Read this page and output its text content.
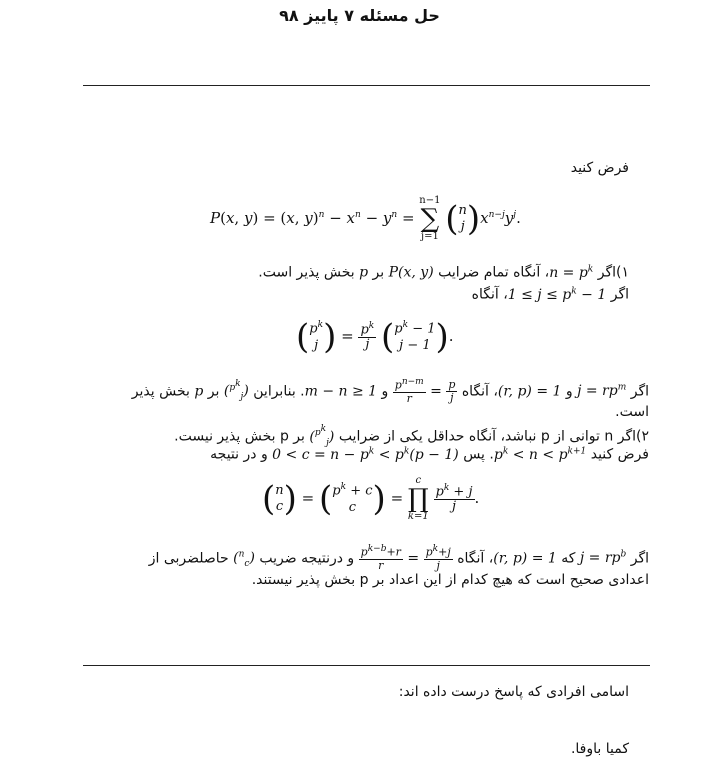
حل مسئله ۷ پاییز ۹۸
فرض کنید
P(x, y) = (x, $y)^n - x^n - y^n = n-1$
∑
j=1 (n
$j)x^{n-j}y^j$.
۱)اگر $n = p^k،$ آنگاه تمام ضرایب P(x, y) بر p بخش پذیر است.
اگر $1 \le j \le p^k$ − 1، آنگاه
($p^k$
j ) = $\frac{p^k}{j} (p^k - 1$
j − 1 ).
اگر $j = rp^m$ و (r, p) = 1، آنگاه
$\frac{p}{j}$
=
$\frac{p^{n-m}}{r}$
و m − n ≥ 1. بنابراین ($^{p^k}_j$) بر p بخش پذیر
است.
۲)اگر n توانی از p نباشد، آنگاه حداقل یکی از ضرایب ($^{p^k}_j$) بر p بخش پذیر نیست.
فرض کنید $p^k < n < p^{k+1}$. پس $0 < c = n - p^k < p^k(p - 1)$ و در نتیجه
(n
$c) = (p^k + c$
c ) = c
∏
k=1
$\frac{p^k + j}{j}$ .
اگر $j = rp^b$ که (r, p) = 1، آنگاه
$\frac{p^k+j}{j}$
=
$\frac{p^{k-b}+r}{r}$
و درنتیجه ضریب ($^n_c$) حاصلضربی از
اعدادی صحیح است که هیچ کدام از این اعداد بر p بخش پذیر نیستند.
اسامی افرادی که پاسخ درست داده اند:
کمیا باوفا.
